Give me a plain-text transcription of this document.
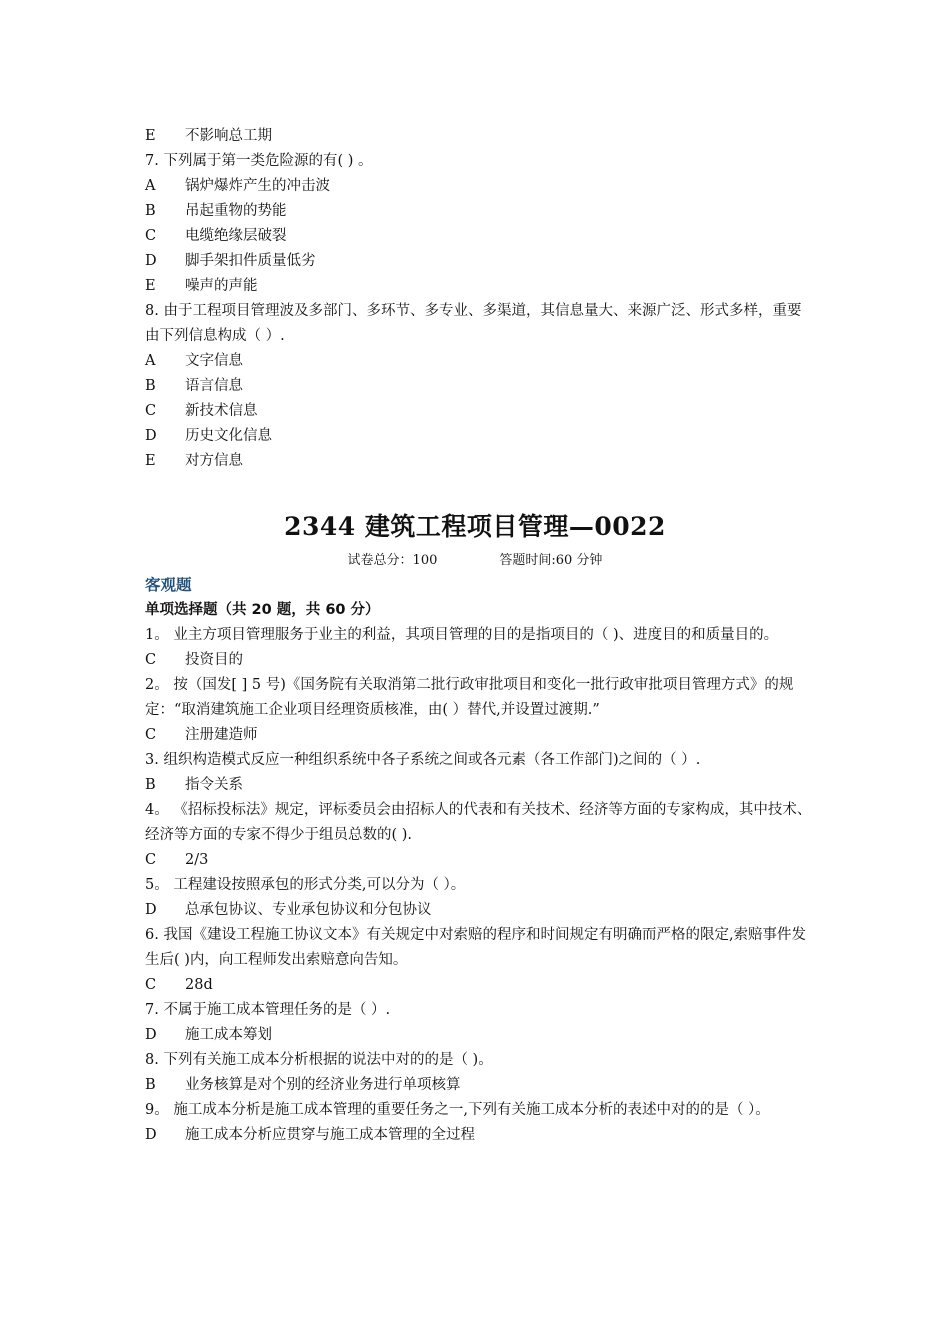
E	不影响总工期
7. 下列属于第一类危险源的有( ) 。
A	锅炉爆炸产生的冲击波
B	吊起重物的势能
C	电缆绝缘层破裂
D	脚手架扣件质量低劣
E	噪声的声能
8. 由于工程项目管理波及多部门、多环节、多专业、多渠道，其信息量大、来源广泛、形式多样，重要由下列信息构成（ ）.
A	文字信息
B	语言信息
C	新技术信息
D	历史文化信息
E	对方信息
2344 建筑工程项目管理—0022
试卷总分：100	答题时间:60 分钟
客观题
单项选择题（共 20 题，共 60 分）
1。 业主方项目管理服务于业主的利益，其项目管理的目的是指项目的（ )、进度目的和质量目的。
C	投资目的
2。 按（国发[ ] 5 号)《国务院有关取消第二批行政审批项目和变化一批行政审批项目管理方式》的规定：“取消建筑施工企业项目经理资质核准，由( ）替代,并设置过渡期.”
C	注册建造师
3. 组织构造模式反应一种组织系统中各子系统之间或各元素（各工作部门)之间的（ ）.
B	指令关系
4。 《招标投标法》规定，评标委员会由招标人的代表和有关技术、经济等方面的专家构成，其中技术、经济等方面的专家不得少于组员总数的( ).
C	2/3
5。 工程建设按照承包的形式分类,可以分为（ ）。
D	总承包协议、专业承包协议和分包协议
6. 我国《建设工程施工协议文本》有关规定中对索赔的程序和时间规定有明确而严格的限定,索赔事件发生后( )内，向工程师发出索赔意向告知。
C	28d
7. 不属于施工成本管理任务的是（ ）.
D	施工成本筹划
8. 下列有关施工成本分析根据的说法中对的的是（ )。
B	业务核算是对个别的经济业务进行单项核算
9。 施工成本分析是施工成本管理的重要任务之一,下列有关施工成本分析的表述中对的的是（ ）。
D	施工成本分析应贯穿与施工成本管理的全过程
